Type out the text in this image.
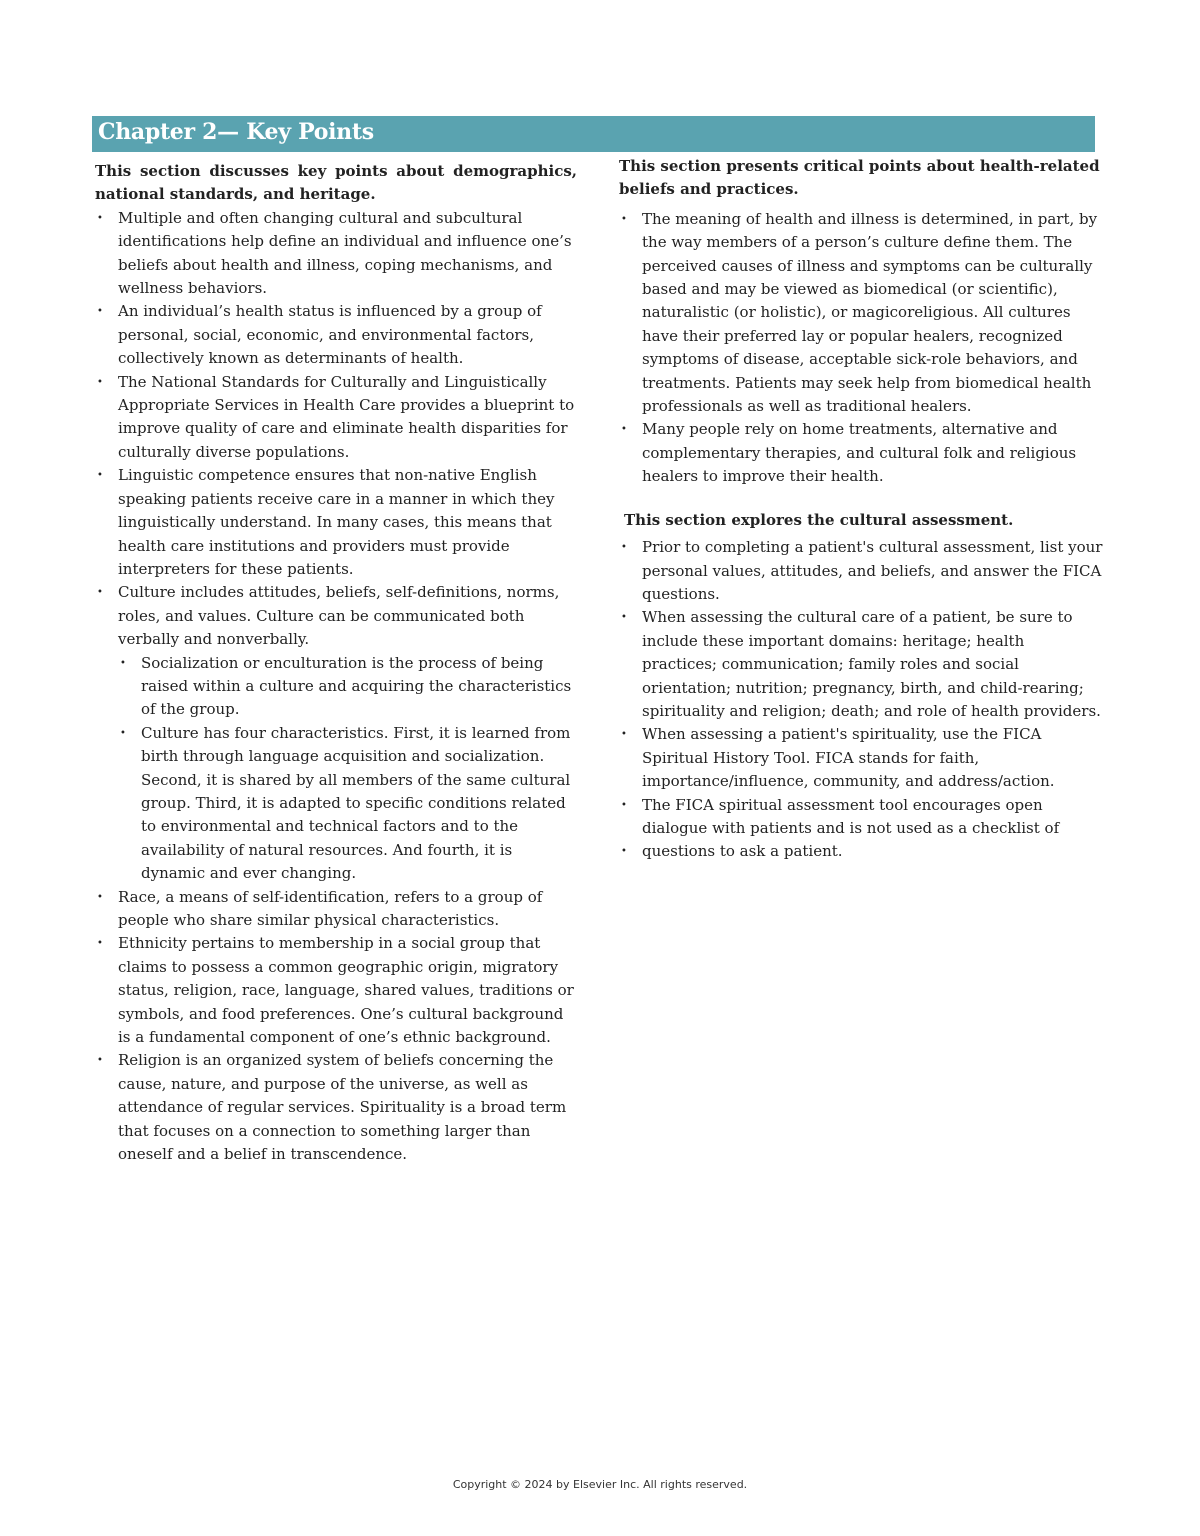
Chapter 2— Key Points

This section discusses key points about demographics, national standards, and heritage.

• Multiple and often changing cultural and subcultural identifications help define an individual and influence one’s beliefs about health and illness, coping mechanisms, and wellness behaviors.
• An individual’s health status is influenced by a group of personal, social, economic, and environmental factors, collectively known as determinants of health.
• The National Standards for Culturally and Linguistically Appropriate Services in Health Care provides a blueprint to improve quality of care and eliminate health disparities for culturally diverse populations.
• Linguistic competence ensures that non-native English speaking patients receive care in a manner in which they linguistically understand. In many cases, this means that health care institutions and providers must provide interpreters for these patients.
• Culture includes attitudes, beliefs, self-definitions, norms, roles, and values. Culture can be communicated both verbally and nonverbally.
• Socialization or enculturation is the process of being raised within a culture and acquiring the characteristics of the group.
• Culture has four characteristics. First, it is learned from birth through language acquisition and socialization. Second, it is shared by all members of the same cultural group. Third, it is adapted to specific conditions related to environmental and technical factors and to the availability of natural resources. And fourth, it is dynamic and ever changing.
• Race, a means of self-identification, refers to a group of people who share similar physical characteristics.
• Ethnicity pertains to membership in a social group that claims to possess a common geographic origin, migratory status, religion, race, language, shared values, traditions or symbols, and food preferences. One’s cultural background is a fundamental component of one’s ethnic background.
• Religion is an organized system of beliefs concerning the cause, nature, and purpose of the universe, as well as attendance of regular services. Spirituality is a broad term that focuses on a connection to something larger than oneself and a belief in transcendence.

This section presents critical points about health-related beliefs and practices.

• The meaning of health and illness is determined, in part, by the way members of a person’s culture define them. The perceived causes of illness and symptoms can be culturally based and may be viewed as biomedical (or scientific), naturalistic (or holistic), or magicoreligious. All cultures have their preferred lay or popular healers, recognized symptoms of disease, acceptable sick-role behaviors, and treatments. Patients may seek help from biomedical health professionals as well as traditional healers.
• Many people rely on home treatments, alternative and complementary therapies, and cultural folk and religious healers to improve their health.

This section explores the cultural assessment.

• Prior to completing a patient's cultural assessment, list your personal values, attitudes, and beliefs, and answer the FICA questions.
• When assessing the cultural care of a patient, be sure to include these important domains: heritage; health practices; communication; family roles and social orientation; nutrition; pregnancy, birth, and child-rearing; spirituality and religion; death; and role of health providers.
• When assessing a patient's spirituality, use the FICA Spiritual History Tool. FICA stands for faith, importance/influence, community, and address/action.
• The FICA spiritual assessment tool encourages open dialogue with patients and is not used as a checklist of
• questions to ask a patient.
Copyright © 2024 by Elsevier Inc. All rights reserved.
